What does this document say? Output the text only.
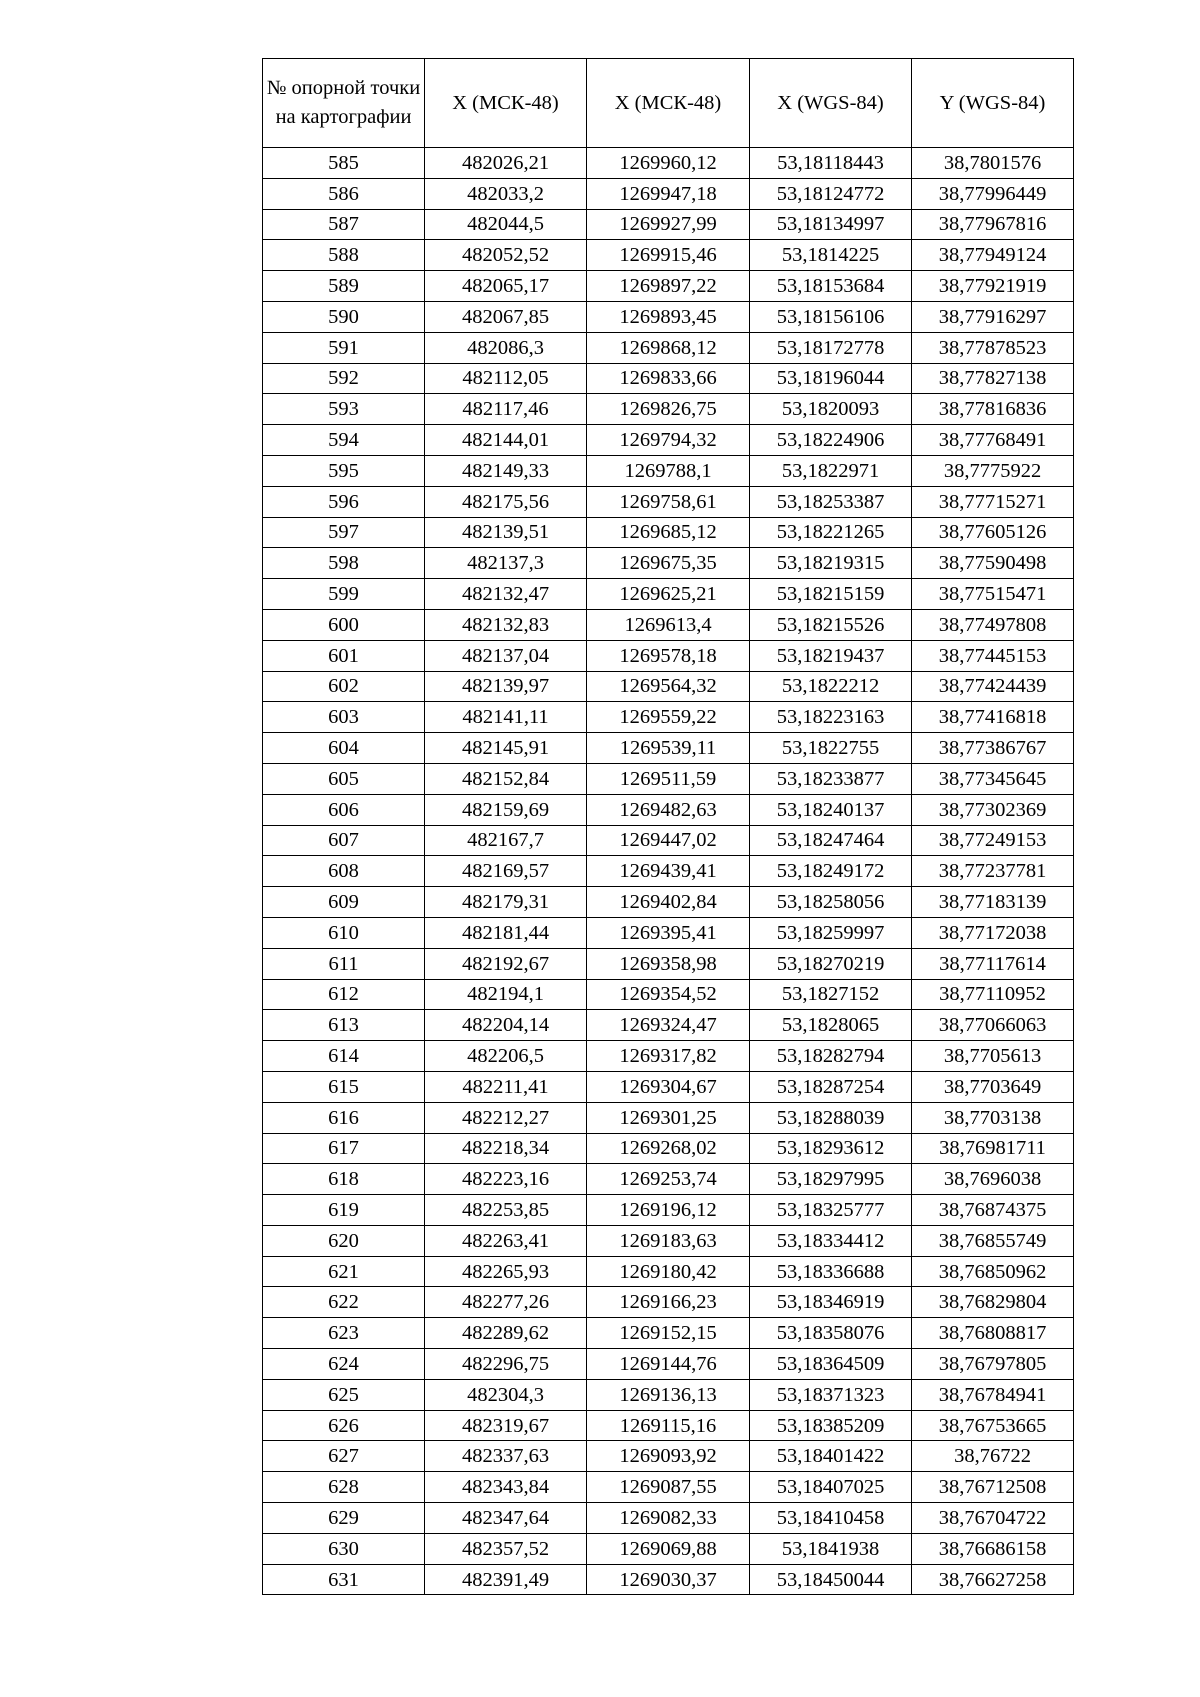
№ опорной точки на картографии	X (МСК-48)	X (МСК-48)	X (WGS-84)	Y (WGS-84)
585	482026,21	1269960,12	53,18118443	38,7801576
586	482033,2	1269947,18	53,18124772	38,77996449
587	482044,5	1269927,99	53,18134997	38,77967816
588	482052,52	1269915,46	53,1814225	38,77949124
589	482065,17	1269897,22	53,18153684	38,77921919
590	482067,85	1269893,45	53,18156106	38,77916297
591	482086,3	1269868,12	53,18172778	38,77878523
592	482112,05	1269833,66	53,18196044	38,77827138
593	482117,46	1269826,75	53,1820093	38,77816836
594	482144,01	1269794,32	53,18224906	38,77768491
595	482149,33	1269788,1	53,1822971	38,7775922
596	482175,56	1269758,61	53,18253387	38,77715271
597	482139,51	1269685,12	53,18221265	38,77605126
598	482137,3	1269675,35	53,18219315	38,77590498
599	482132,47	1269625,21	53,18215159	38,77515471
600	482132,83	1269613,4	53,18215526	38,77497808
601	482137,04	1269578,18	53,18219437	38,77445153
602	482139,97	1269564,32	53,1822212	38,77424439
603	482141,11	1269559,22	53,18223163	38,77416818
604	482145,91	1269539,11	53,1822755	38,77386767
605	482152,84	1269511,59	53,18233877	38,77345645
606	482159,69	1269482,63	53,18240137	38,77302369
607	482167,7	1269447,02	53,18247464	38,77249153
608	482169,57	1269439,41	53,18249172	38,77237781
609	482179,31	1269402,84	53,18258056	38,77183139
610	482181,44	1269395,41	53,18259997	38,77172038
611	482192,67	1269358,98	53,18270219	38,77117614
612	482194,1	1269354,52	53,1827152	38,77110952
613	482204,14	1269324,47	53,1828065	38,77066063
614	482206,5	1269317,82	53,18282794	38,7705613
615	482211,41	1269304,67	53,18287254	38,7703649
616	482212,27	1269301,25	53,18288039	38,7703138
617	482218,34	1269268,02	53,18293612	38,76981711
618	482223,16	1269253,74	53,18297995	38,7696038
619	482253,85	1269196,12	53,18325777	38,76874375
620	482263,41	1269183,63	53,18334412	38,76855749
621	482265,93	1269180,42	53,18336688	38,76850962
622	482277,26	1269166,23	53,18346919	38,76829804
623	482289,62	1269152,15	53,18358076	38,76808817
624	482296,75	1269144,76	53,18364509	38,76797805
625	482304,3	1269136,13	53,18371323	38,76784941
626	482319,67	1269115,16	53,18385209	38,76753665
627	482337,63	1269093,92	53,18401422	38,76722
628	482343,84	1269087,55	53,18407025	38,76712508
629	482347,64	1269082,33	53,18410458	38,76704722
630	482357,52	1269069,88	53,1841938	38,76686158
631	482391,49	1269030,37	53,18450044	38,76627258
